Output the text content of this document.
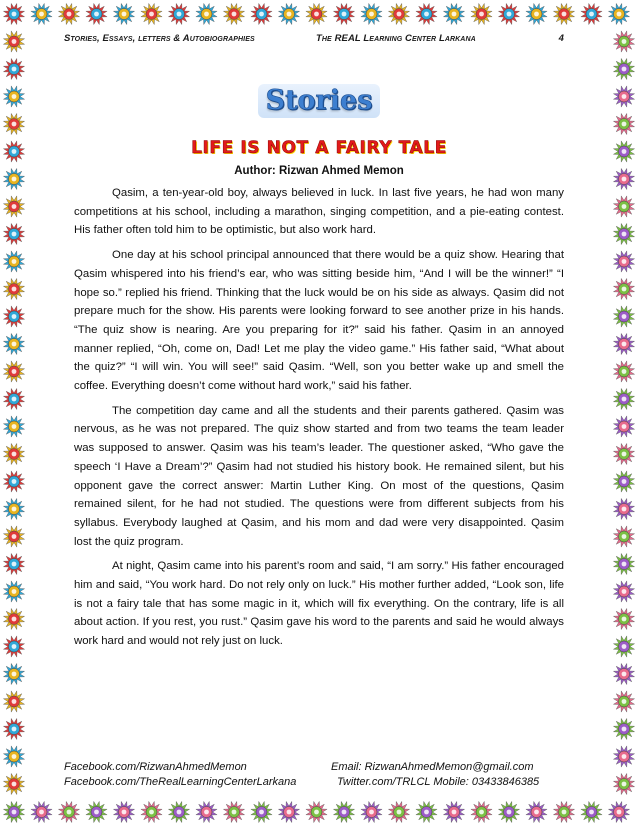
Stories, Essays, letters & Autobiographies	The REAL Learning Center Larkana	4
Stories
LIFE IS NOT A FAIRY TALE
Author: Rizwan Ahmed Memon

Qasim, a ten-year-old boy, always believed in luck. In last five years, he had won many competitions at his school, including a marathon, singing competition, and a pie-eating contest. His father often told him to be optimistic, but also work hard.

One day at his school principal announced that there would be a quiz show. Hearing that Qasim whispered into his friend’s ear, who was sitting beside him, “And I will be the winner!” “I hope so.” replied his friend. Thinking that the luck would be on his side as always. Qasim did not prepare much for the show. His parents were looking forward to see another prize in his hands. “The quiz show is nearing. Are you preparing for it?” said his father. Qasim in an annoyed manner replied, “Oh, come on, Dad! Let me play the video game.” His father said, “What about the quiz?” “I will win. You will see!” said Qasim. “Well, son you better wake up and smell the coffee. Everything doesn’t come without hard work,” said his father.

The competition day came and all the students and their parents gathered. Qasim was nervous, as he was not prepared. The quiz show started and from two teams the team leader was supposed to answer. Qasim was his team’s leader. The questioner asked, “Who gave the speech ‘I Have a Dream’?” Qasim had not studied his history book. He remained silent, but his opponent gave the correct answer: Martin Luther King. On most of the questions, Qasim remained silent, for he had not studied. The questions were from different subjects from his syllabus. Everybody laughed at Qasim, and his mom and dad were very disappointed. Qasim lost the quiz program.

At night, Qasim came into his parent’s room and said, “I am sorry.” His father encouraged him and said, “You work hard. Do not rely only on luck.” His mother further added, “Look son, life is not a fairy tale that has some magic in it, which will fix everything. On the contrary, life is all about action. If you rest, you rust.” Qasim gave his word to the parents and said he would always work hard and would not rely just on luck.

Facebook.com/RizwanAhmedMemon	Email: RizwanAhmedMemon@gmail.com
Facebook.com/TheRealLearningCenterLarkana	Twitter.com/TRLCL Mobile: 03433846385
